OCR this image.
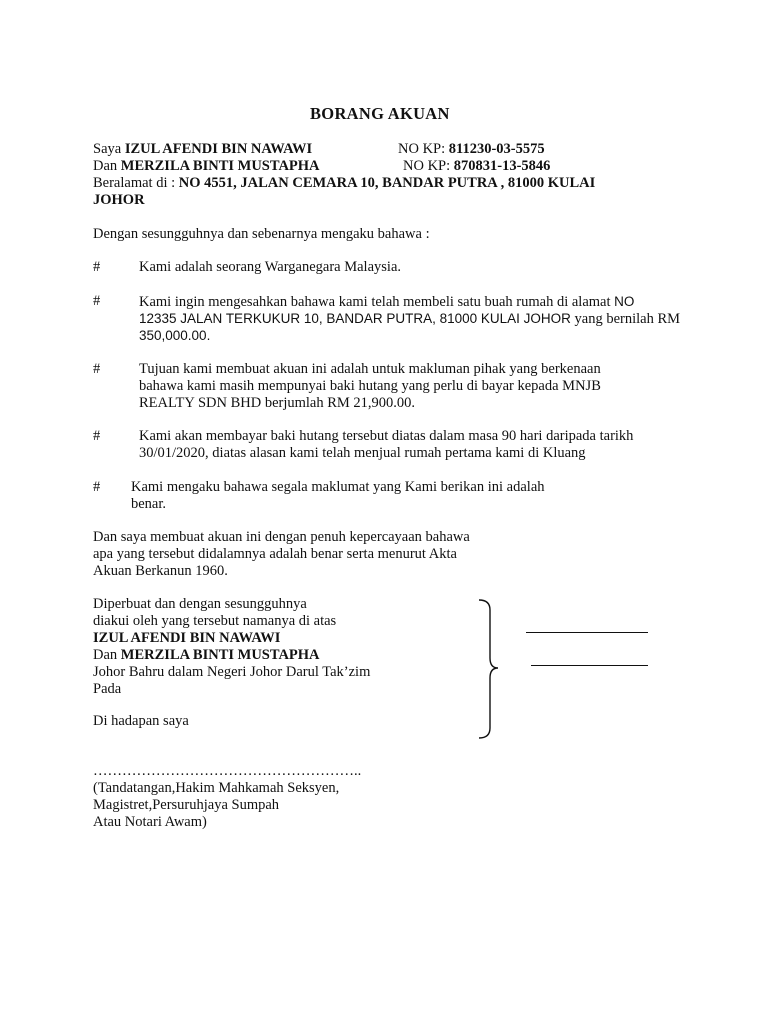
BORANG AKUAN
Saya IZUL AFENDI BIN NAWAWI	NO KP: 811230-03-5575
Dan MERZILA BINTI MUSTAPHA	NO KP: 870831-13-5846
Beralamat di : NO 4551, JALAN CEMARA 10, BANDAR PUTRA , 81000 KULAI
JOHOR
Dengan sesungguhnya dan sebenarnya mengaku bahawa :
#	Kami adalah seorang Warganegara Malaysia.
#	Kami ingin mengesahkan bahawa kami telah membeli satu buah rumah di alamat NO
12335 JALAN TERKUKUR 10, BANDAR PUTRA, 81000 KULAI JOHOR yang bernilah RM
350,000.00.
#	Tujuan kami membuat akuan ini adalah untuk makluman pihak yang berkenaan
bahawa kami masih mempunyai baki hutang yang perlu di bayar kepada MNJB
REALTY SDN BHD berjumlah RM 21,900.00.
#	Kami akan membayar baki hutang tersebut diatas dalam masa 90 hari daripada tarikh
30/01/2020, diatas alasan kami telah menjual rumah pertama kami di Kluang
# Kami mengaku bahawa segala maklumat yang Kami berikan ini adalah
benar.
Dan saya membuat akuan ini dengan penuh kepercayaan bahawa
apa yang tersebut didalamnya adalah benar serta menurut Akta
Akuan Berkanun 1960.
Diperbuat dan dengan sesungguhnya
diakui oleh yang tersebut namanya di atas
IZUL AFENDI BIN NAWAWI
Dan MERZILA BINTI MUSTAPHA
Johor Bahru dalam Negeri Johor Darul Tak’zim
Pada
Di hadapan saya
………………………………………………..
(Tandatangan,Hakim Mahkamah Seksyen,
Magistret,Persuruhjaya Sumpah
Atau Notari Awam)
